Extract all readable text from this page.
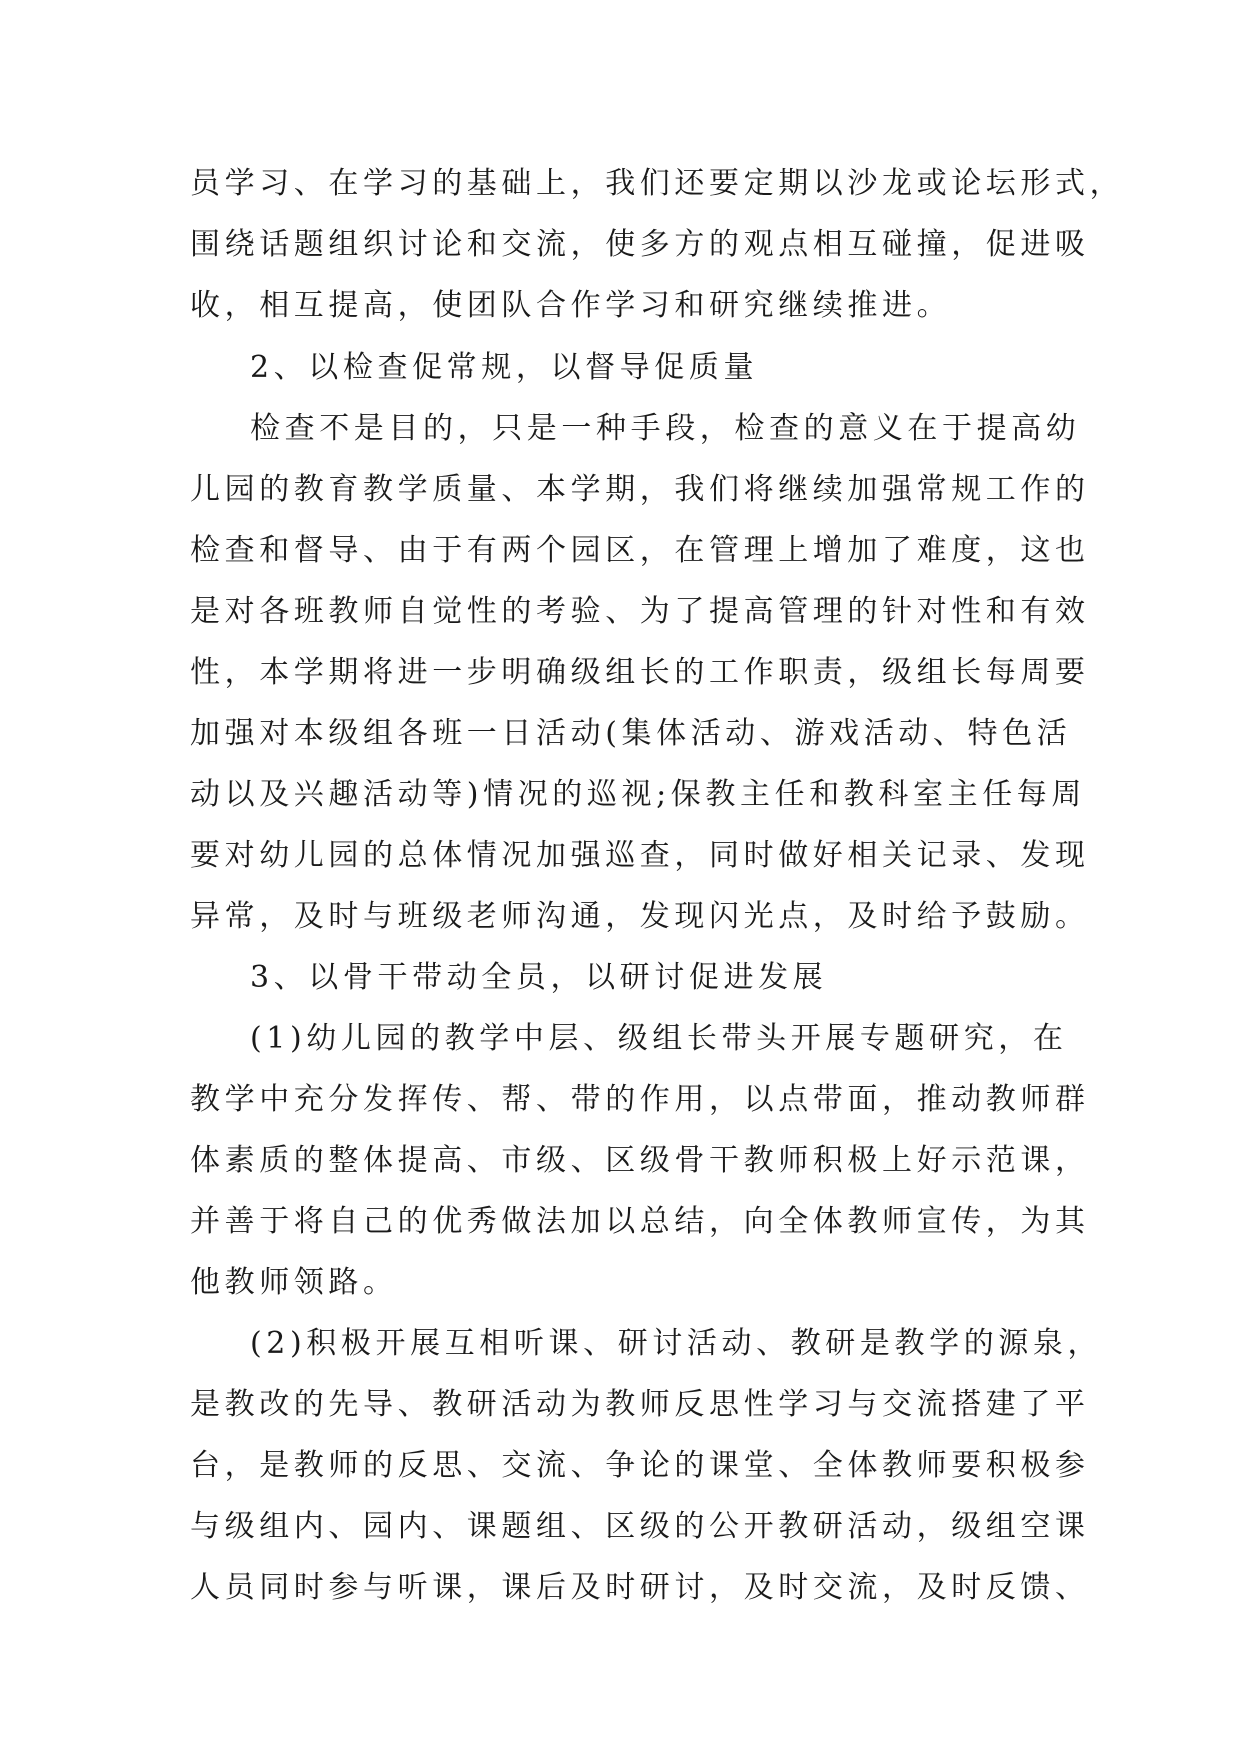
员学习、在学习的基础上，我们还要定期以沙龙或论坛形式，
围绕话题组织讨论和交流，使多方的观点相互碰撞，促进吸
收，相互提高，使团队合作学习和研究继续推进。
2、以检查促常规，以督导促质量
检查不是目的，只是一种手段，检查的意义在于提高幼
儿园的教育教学质量、本学期，我们将继续加强常规工作的
检查和督导、由于有两个园区，在管理上增加了难度，这也
是对各班教师自觉性的考验、为了提高管理的针对性和有效
性，本学期将进一步明确级组长的工作职责，级组长每周要
加强对本级组各班一日活动(集体活动、游戏活动、特色活
动以及兴趣活动等)情况的巡视;保教主任和教科室主任每周
要对幼儿园的总体情况加强巡查，同时做好相关记录、发现
异常，及时与班级老师沟通，发现闪光点，及时给予鼓励。
3、以骨干带动全员，以研讨促进发展
(1)幼儿园的教学中层、级组长带头开展专题研究，在
教学中充分发挥传、帮、带的作用，以点带面，推动教师群
体素质的整体提高、市级、区级骨干教师积极上好示范课，
并善于将自己的优秀做法加以总结，向全体教师宣传，为其
他教师领路。
(2)积极开展互相听课、研讨活动、教研是教学的源泉，
是教改的先导、教研活动为教师反思性学习与交流搭建了平
台，是教师的反思、交流、争论的课堂、全体教师要积极参
与级组内、园内、课题组、区级的公开教研活动，级组空课
人员同时参与听课，课后及时研讨，及时交流，及时反馈、
